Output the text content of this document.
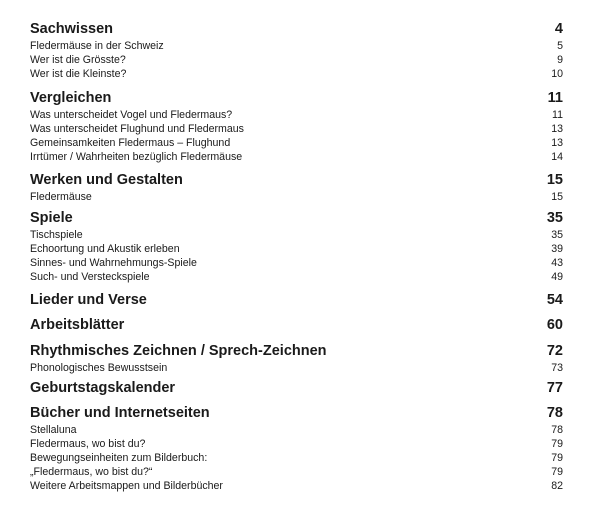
Sachwissen	4
Fledermäuse in der Schweiz	5
Wer ist die Grösste?	9
Wer ist die Kleinste?	10
Vergleichen	11
Was unterscheidet Vogel und Fledermaus?	11
Was unterscheidet Flughund und Fledermaus	13
Gemeinsamkeiten Fledermaus – Flughund	13
Irrtümer / Wahrheiten bezüglich Fledermäuse	14
Werken und Gestalten	15
Fledermäuse	15
Spiele	35
Tischspiele	35
Echoortung und Akustik erleben	39
Sinnes- und Wahrnehmungs-Spiele	43
Such- und Versteckspiele	49
Lieder und Verse	54
Arbeitsblätter	60
Rhythmisches Zeichnen / Sprech-Zeichnen	72
Phonologisches Bewusstsein	73
Geburtstagskalender	77
Bücher und Internetseiten	78
Stellaluna	78
Fledermaus, wo bist du?	79
Bewegungseinheiten zum Bilderbuch:	79
„Fledermaus, wo bist du?“	79
Weitere Arbeitsmappen und Bilderbücher	82
